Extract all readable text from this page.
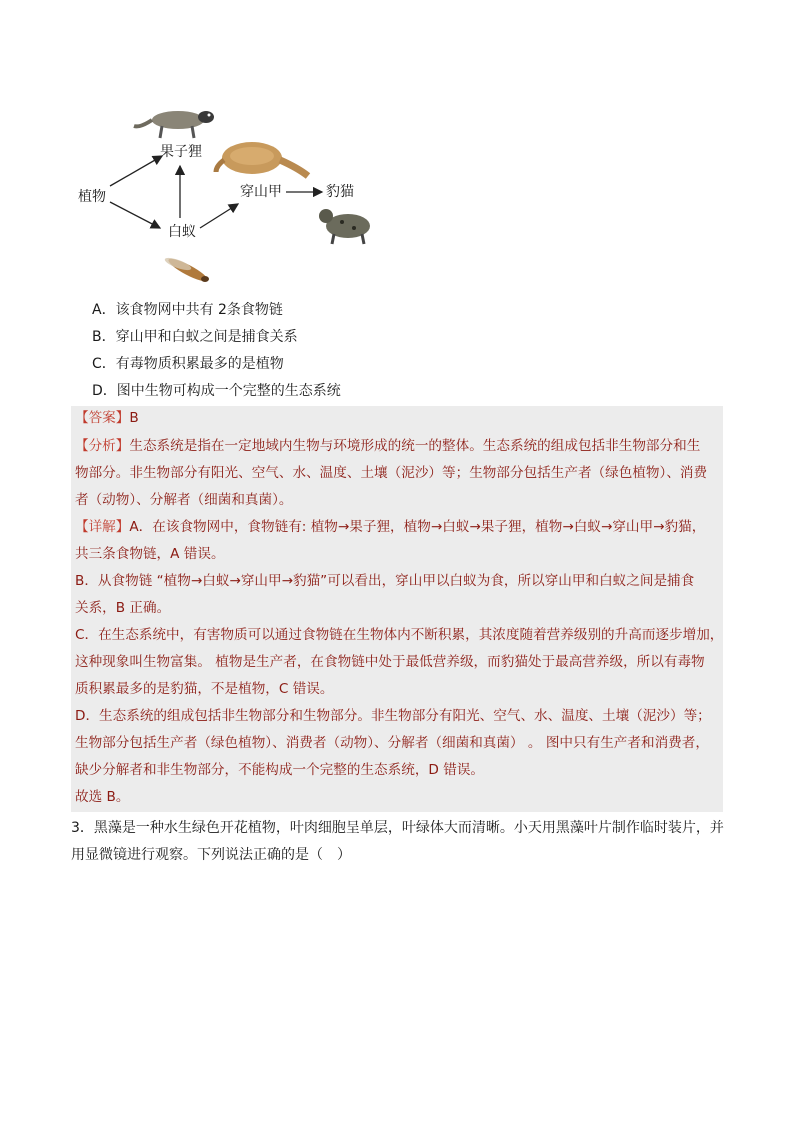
果子狸
植物
白蚁
穿山甲	豹猫
A．该食物网中共有 2条食物链
B．穿山甲和白蚁之间是捕食关系
C．有毒物质积累最多的是植物
D．图中生物可构成一个完整的生态系统

【答案】B

【分析】生态系统是指在一定地域内生物与环境形成的统一的整体。生态系统的组成包括非生物部分和生

物部分。非生物部分有阳光、空气、水、温度、土壤（泥沙）等；生物部分包括生产者（绿色植物）、消费

者（动物）、分解者（细菌和真菌）。

【详解】A．在该食物网中，食物链有: 植物→果子狸，植物→白蚁→果子狸，植物→白蚁→穿山甲→豹猫，

共三条食物链，A 错误。

B．从食物链 “植物→白蚁→穿山甲→豹猫”可以看出，穿山甲以白蚁为食，所以穿山甲和白蚁之间是捕食

关系，B 正确。

C．在生态系统中，有害物质可以通过食物链在生物体内不断积累，其浓度随着营养级别的升高而逐步增加，

这种现象叫生物富集。 植物是生产者，在食物链中处于最低营养级，而豹猫处于最高营养级，所以有毒物

质积累最多的是豹猫，不是植物，C 错误。

D．生态系统的组成包括非生物部分和生物部分。非生物部分有阳光、空气、水、温度、土壤（泥沙）等；

生物部分包括生产者（绿色植物）、消费者（动物）、分解者（细菌和真菌） 。 图中只有生产者和消费者，

缺少分解者和非生物部分，不能构成一个完整的生态系统，D 错误。

故选 B。

3．黑藻是一种水生绿色开花植物，叶肉细胞呈单层，叶绿体大而清晰。小天用黑藻叶片制作临时装片，并
用显微镜进行观察。下列说法正确的是（　）
